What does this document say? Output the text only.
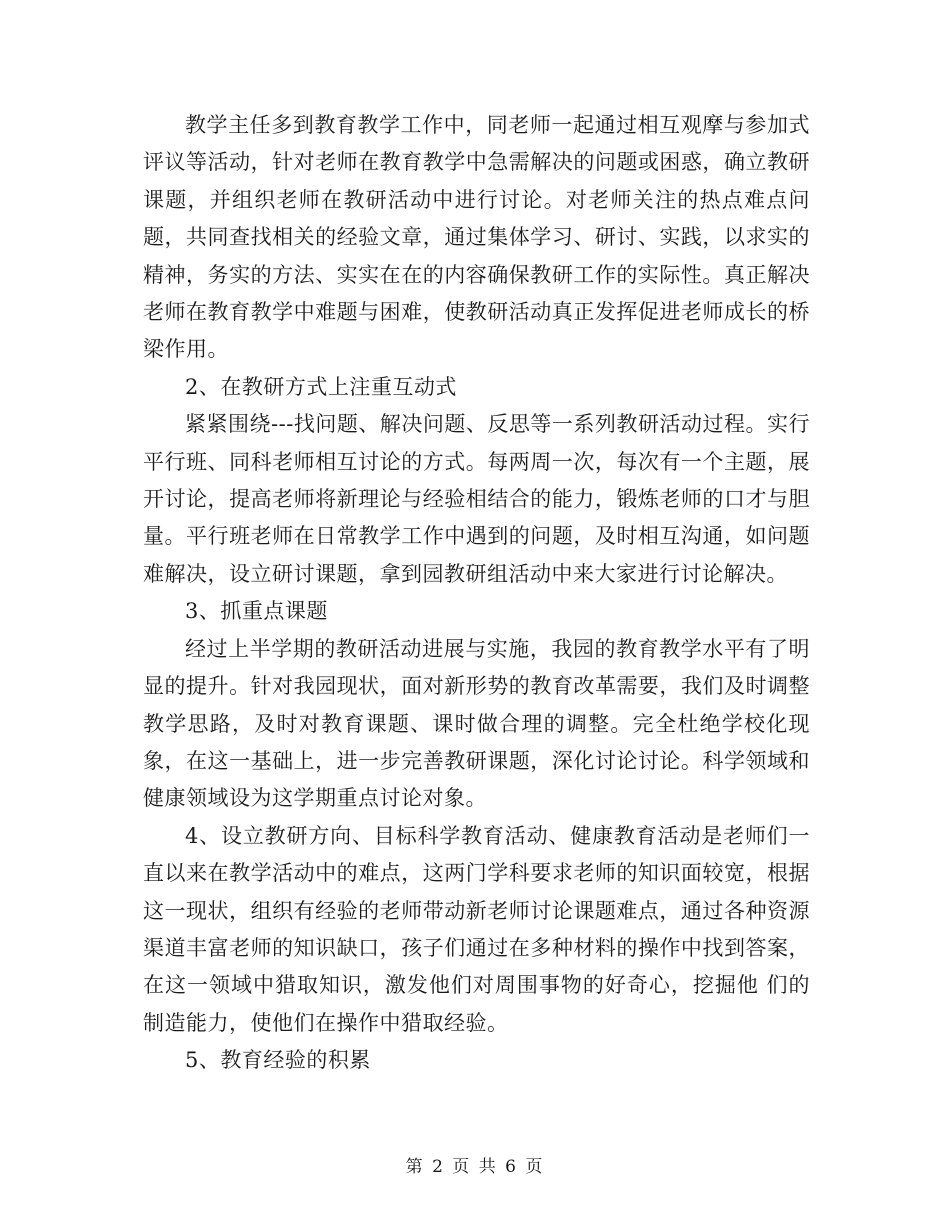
教学主任多到教育教学工作中，同老师一起通过相互观摩与参加式评议等活动，针对老师在教育教学中急需解决的问题或困惑，确立教研课题，并组织老师在教研活动中进行讨论。对老师关注的热点难点问题，共同查找相关的经验文章，通过集体学习、研讨、实践，以求实的精神，务实的方法、实实在在的内容确保教研工作的实际性。真正解决老师在教育教学中难题与困难，使教研活动真正发挥促进老师成长的桥梁作用。

2、在教研方式上注重互动式

紧紧围绕---找问题、解决问题、反思等一系列教研活动过程。实行平行班、同科老师相互讨论的方式。每两周一次，每次有一个主题，展开讨论，提高老师将新理论与经验相结合的能力，锻炼老师的口才与胆量。平行班老师在日常教学工作中遇到的问题，及时相互沟通，如问题难解决，设立研讨课题，拿到园教研组活动中来大家进行讨论解决。

3、抓重点课题

经过上半学期的教研活动进展与实施，我园的教育教学水平有了明显的提升。针对我园现状，面对新形势的教育改革需要，我们及时调整教学思路，及时对教育课题、课时做合理的调整。完全杜绝学校化现象，在这一基础上，进一步完善教研课题，深化讨论讨论。科学领域和健康领域设为这学期重点讨论对象。

4、设立教研方向、目标科学教育活动、健康教育活动是老师们一直以来在教学活动中的难点，这两门学科要求老师的知识面较宽，根据这一现状，组织有经验的老师带动新老师讨论课题难点，通过各种资源渠道丰富老师的知识缺口，孩子们通过在多种材料的操作中找到答案，在这一领域中猎取知识，激发他们对周围事物的好奇心，挖掘他 们的制造能力，使他们在操作中猎取经验。

5、教育经验的积累

第 2 页 共 6 页
